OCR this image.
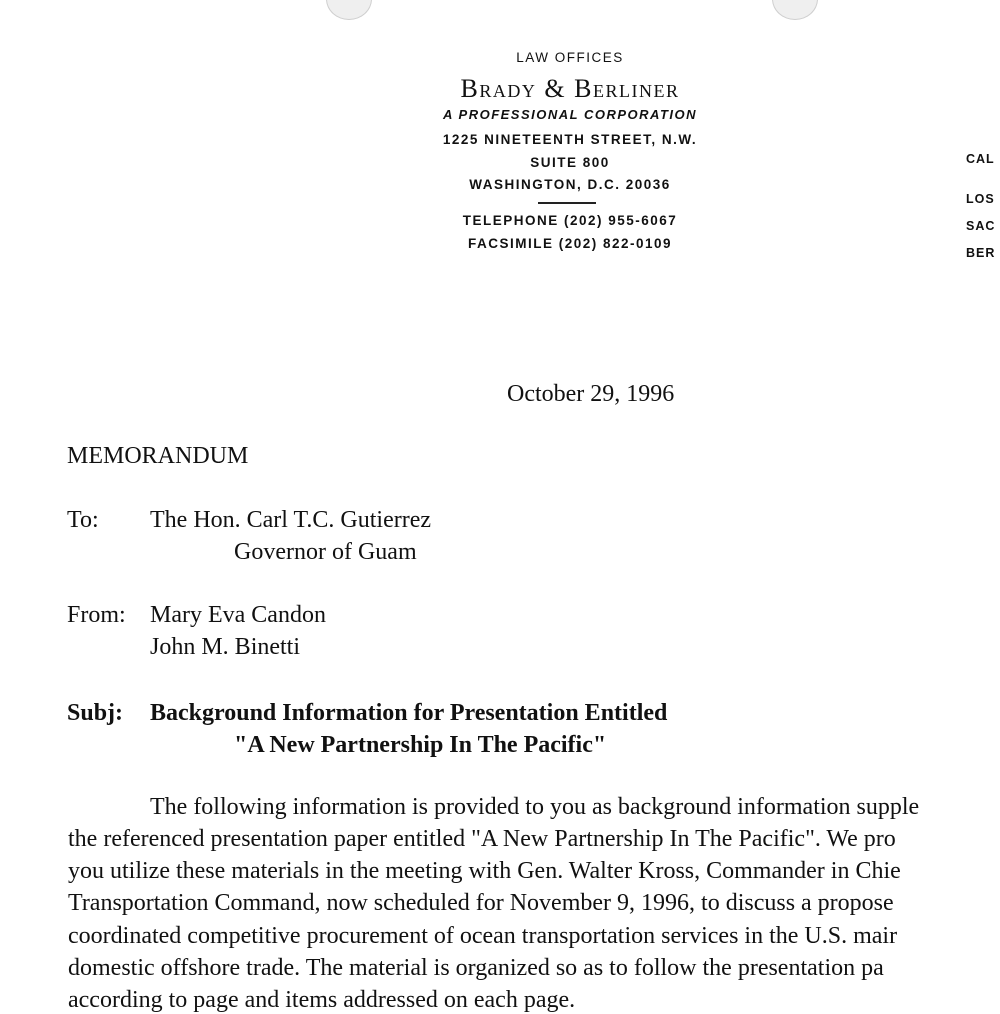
LAW OFFICES
Brady & Berliner
A PROFESSIONAL CORPORATION
1225 NINETEENTH STREET, N.W.
SUITE 800
WASHINGTON, D.C. 20036
TELEPHONE (202) 955-6067
FACSIMILE (202) 822-0109
CAL
LOS
SAC
BER
October 29, 1996
MEMORANDUM
To: The Hon. Carl T.C. Gutierrez
Governor of Guam
From: Mary Eva Candon
John M. Binetti
Subj: Background Information for Presentation Entitled
"A New Partnership In The Pacific"
The following information is provided to you as background information supple
the referenced presentation paper entitled "A New Partnership In The Pacific". We pro
you utilize these materials in the meeting with Gen. Walter Kross, Commander in Chie
Transportation Command, now scheduled for November 9, 1996, to discuss a propose
coordinated competitive procurement of ocean transportation services in the U.S. mair
domestic offshore trade. The material is organized so as to follow the presentation pa
according to page and items addressed on each page.
